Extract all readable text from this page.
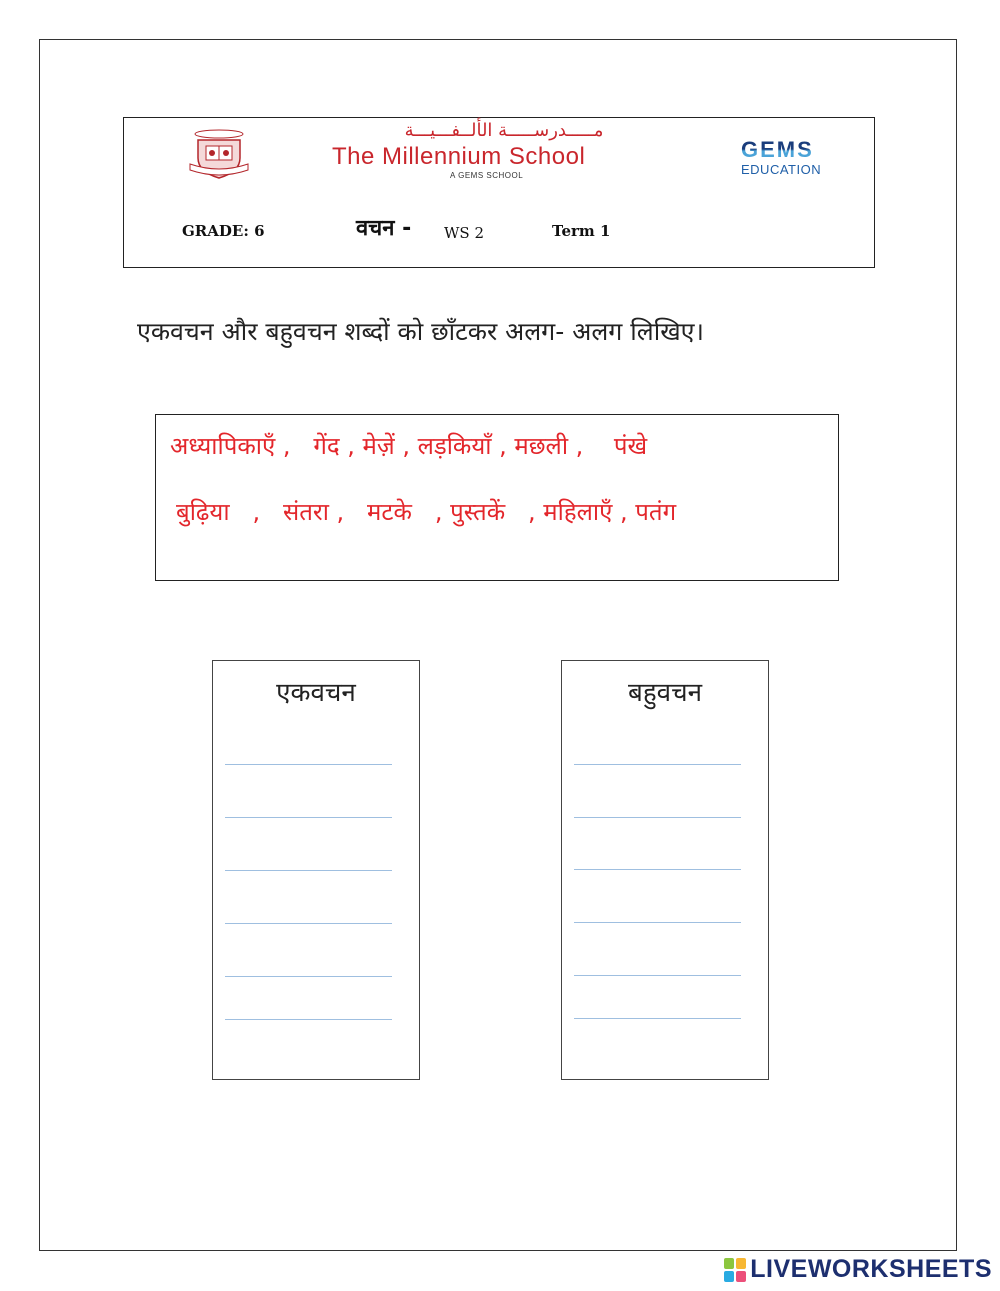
مـــــدرســـــة الألــفـــيـــة
The Millennium School
A GEMS SCHOOL
GEMS
EDUCATION
GRADE: 6	वचन - WS 2	Term 1
एकवचन और बहुवचन शब्दों को छाँटकर अलग- अलग लिखिए।
अध्यापिकाएँ ,   गेंद , मेज़ें , लड़कियाँ , मछली ,    पंखे
बुढ़िया   ,   संतरा ,   मटके   , पुस्तकें   , महिलाएँ , पतंग
एकवचन	बहुवचन
LIVEWORKSHEETS
